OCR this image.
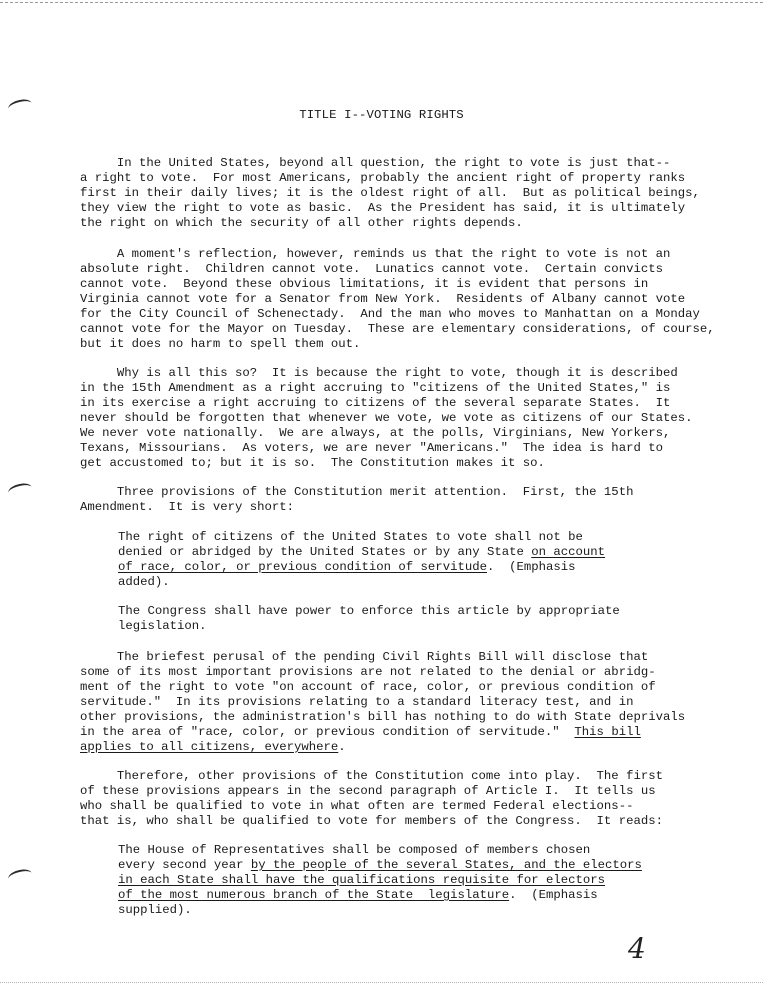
TITLE I--VOTING RIGHTS
In the United States, beyond all question, the right to vote is just that--
a right to vote.  For most Americans, probably the ancient right of property ranks
first in their daily lives; it is the oldest right of all.  But as political beings,
they view the right to vote as basic.  As the President has said, it is ultimately
the right on which the security of all other rights depends.
A moment's reflection, however, reminds us that the right to vote is not an
absolute right.  Children cannot vote.  Lunatics cannot vote.  Certain convicts
cannot vote.  Beyond these obvious limitations, it is evident that persons in
Virginia cannot vote for a Senator from New York.  Residents of Albany cannot vote
for the City Council of Schenectady.  And the man who moves to Manhattan on a Monday
cannot vote for the Mayor on Tuesday.  These are elementary considerations, of course,
but it does no harm to spell them out.
Why is all this so?  It is because the right to vote, though it is described
in the 15th Amendment as a right accruing to "citizens of the United States," is
in its exercise a right accruing to citizens of the several separate States.  It
never should be forgotten that whenever we vote, we vote as citizens of our States.
We never vote nationally.  We are always, at the polls, Virginians, New Yorkers,
Texans, Missourians.  As voters, we are never "Americans."  The idea is hard to
get accustomed to; but it is so.  The Constitution makes it so.
Three provisions of the Constitution merit attention.  First, the 15th
Amendment.  It is very short:
The right of citizens of the United States to vote shall not be
denied or abridged by the United States or by any State on account
of race, color, or previous condition of servitude.  (Emphasis
added).
The Congress shall have power to enforce this article by appropriate
legislation.
The briefest perusal of the pending Civil Rights Bill will disclose that
some of its most important provisions are not related to the denial or abridg-
ment of the right to vote "on account of race, color, or previous condition of
servitude."  In its provisions relating to a standard literacy test, and in
other provisions, the administration's bill has nothing to do with State deprivals
in the area of "race, color, or previous condition of servitude."  This bill
applies to all citizens, everywhere.
Therefore, other provisions of the Constitution come into play.  The first
of these provisions appears in the second paragraph of Article I.  It tells us
who shall be qualified to vote in what often are termed Federal elections--
that is, who shall be qualified to vote for members of the Congress.  It reads:
The House of Representatives shall be composed of members chosen
every second year by the people of the several States, and the electors
in each State shall have the qualifications requisite for electors
of the most numerous branch of the State  legislature.  (Emphasis
supplied).
4
